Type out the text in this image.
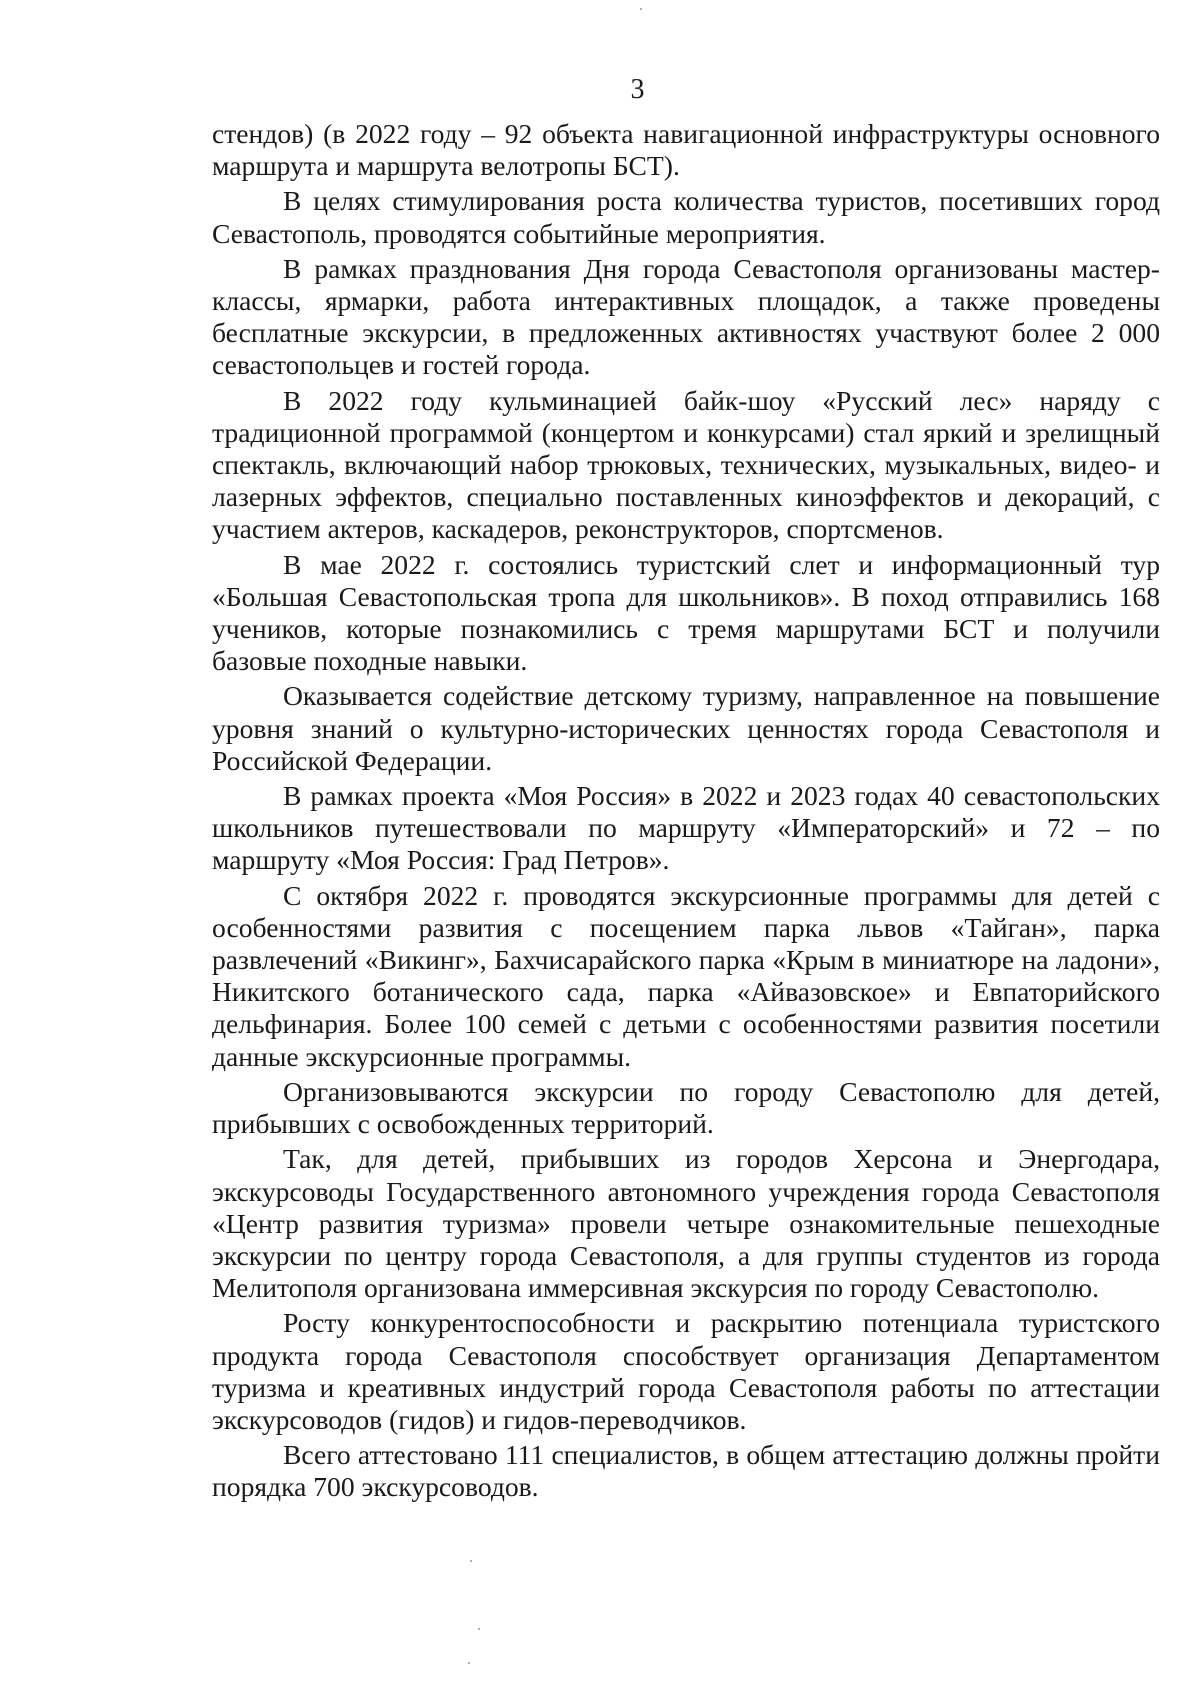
3

стендов) (в 2022 году – 92 объекта навигационной инфраструктуры основного маршрута и маршрута велотропы БСТ).

В целях стимулирования роста количества туристов, посетивших город Севастополь, проводятся событийные мероприятия.

В рамках празднования Дня города Севастополя организованы мастер-классы, ярмарки, работа интерактивных площадок, а также проведены бесплатные экскурсии, в предложенных активностях участвуют более 2 000 севастопольцев и гостей города.

В 2022 году кульминацией байк-шоу «Русский лес» наряду с традиционной программой (концертом и конкурсами) стал яркий и зрелищный спектакль, включающий набор трюковых, технических, музыкальных, видео- и лазерных эффектов, специально поставленных киноэффектов и декораций, с участием актеров, каскадеров, реконструкторов, спортсменов.

В мае 2022 г. состоялись туристский слет и информационный тур «Большая Севастопольская тропа для школьников». В поход отправились 168 учеников, которые познакомились с тремя маршрутами БСТ и получили базовые походные навыки.

Оказывается содействие детскому туризму, направленное на повышение уровня знаний о культурно-исторических ценностях города Севастополя и Российской Федерации.

В рамках проекта «Моя Россия» в 2022 и 2023 годах 40 севастопольских школьников путешествовали по маршруту «Императорский» и 72 – по маршруту «Моя Россия: Град Петров».

С октября 2022 г. проводятся экскурсионные программы для детей с особенностями развития с посещением парка львов «Тайган», парка развлечений «Викинг», Бахчисарайского парка «Крым в миниатюре на ладони», Никитского ботанического сада, парка «Айвазовское» и Евпаторийского дельфинария. Более 100 семей с детьми с особенностями развития посетили данные экскурсионные программы.

Организовываются экскурсии по городу Севастополю для детей, прибывших с освобожденных территорий.

Так, для детей, прибывших из городов Херсона и Энергодара, экскурсоводы Государственного автономного учреждения города Севастополя «Центр развития туризма» провели четыре ознакомительные пешеходные экскурсии по центру города Севастополя, а для группы студентов из города Мелитополя организована иммерсивная экскурсия по городу Севастополю.

Росту конкурентоспособности и раскрытию потенциала туристского продукта города Севастополя способствует организация Департаментом туризма и креативных индустрий города Севастополя работы по аттестации экскурсоводов (гидов) и гидов-переводчиков.

Всего аттестовано 111 специалистов, в общем аттестацию должны пройти порядка 700 экскурсоводов.
